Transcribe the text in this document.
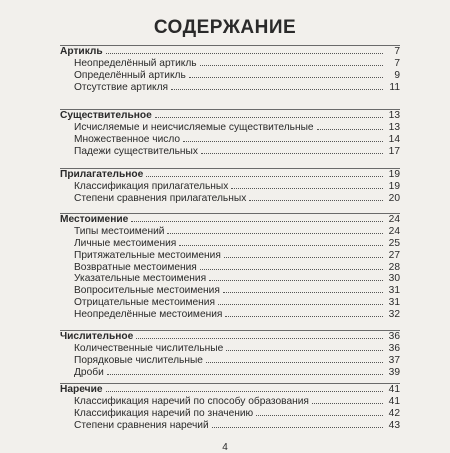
СОДЕРЖАНИЕ
Артикль	7
Неопределённый артикль	7
Определённый артикль	9
Отсутствие артикля	11
Существительное	13
Исчисляемые и неисчисляемые существительные	13
Множественное число	14
Падежи существительных	17
Прилагательное	19
Классификация прилагательных	19
Степени сравнения прилагательных	20
Местоимение	24
Типы местоимений	24
Личные местоимения	25
Притяжательные местоимения	27
Возвратные местоимения	28
Указательные местоимения	30
Вопросительные местоимения	31
Отрицательные местоимения	31
Неопределённые местоимения	32
Числительное	36
Количественные числительные	36
Порядковые числительные	37
Дроби	39
Наречие	41
Классификация наречий по способу образования	41
Классификация наречий по значению	42
Степени сравнения наречий	43
4
